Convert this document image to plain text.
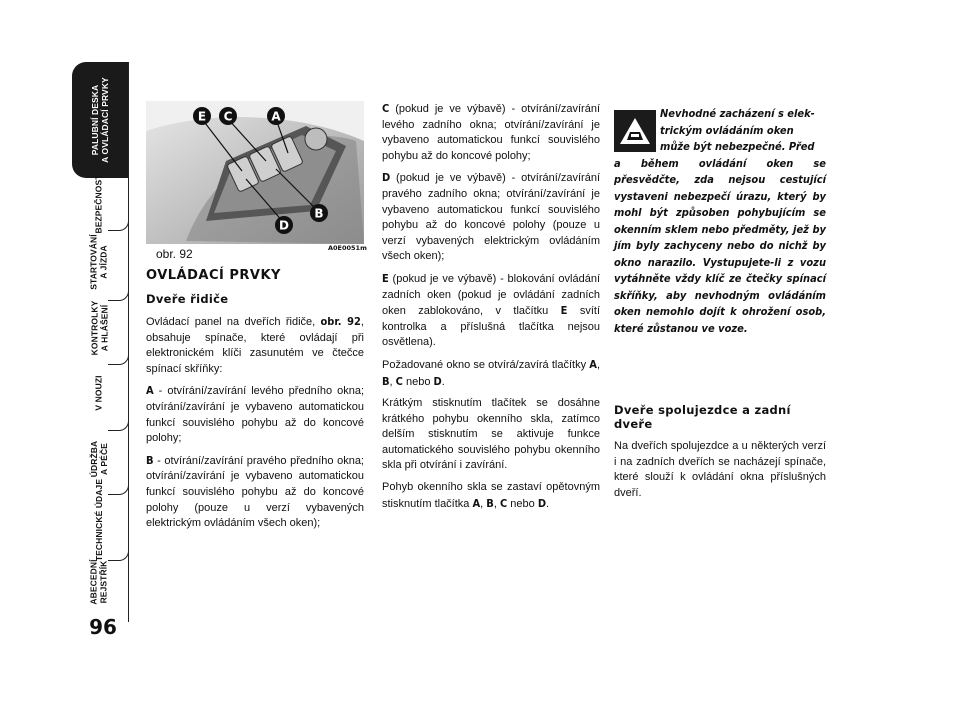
PALUBNÍ DESKA
A OVLÁDACÍ PRVKY
BEZPEČNOST
STARTOVÁNÍ
A JÍZDA
KONTROLKY
A HLÁŠENÍ
V NOUZI
ÚDRŽBA
A PÉČE
TECHNICKÉ ÚDAJE
ABECEDNÍ
REJSTŘÍK
96
E C	A
D
B
A0E0051m
obr. 92
OVLÁDACÍ PRVKY
Dveře řidiče

Ovládací panel na dveřích řidiče, obr. 92, obsahuje spínače, které ovládají při elektronickém klíči zasunutém ve čtečce spínací skříňky:

A - otvírání/zavírání levého předního okna; otvírání/zavírání je vybaveno automatickou funkcí souvislého pohybu až do koncové polohy;

B - otvírání/zavírání pravého předního okna; otvírání/zavírání je vybaveno automatickou funkcí souvislého pohybu až do koncové polohy (pouze u verzí vybavených elektrickým ovládáním všech oken);

C (pokud je ve výbavě) - otvírání/zavírání levého zadního okna; otvírání/zavírání je vybaveno automatickou funkcí souvislého pohybu až do koncové polohy;

D (pokud je ve výbavě) - otvírání/zavírání pravého zadního okna; otvírání/zavírání je vybaveno automatickou funkcí souvislého pohybu až do koncové polohy (pouze u verzí vybavených elektrickým ovládáním všech oken);

E (pokud je ve výbavě) - blokování ovládání zadních oken (pokud je ovládání zadních oken zablokováno, v tlačítku E svítí kontrolka a příslušná tlačítka nejsou osvětlena).

Požadované okno se otvírá/zavírá tlačítky A, B, C nebo D.

Krátkým stisknutím tlačítek se dosáhne krátkého pohybu okenního skla, zatímco delším stisknutím se aktivuje funkce automatického souvislého pohybu okenního skla při otvírání i zavírání.

Pohyb okenního skla se zastaví opětovným stisknutím tlačítka A, B, C nebo D.

Nevhodné zacházení s elek-

trickým ovládáním oken

může být nebezpečné. Před

a během ovládání oken se přesvědčte, zda nejsou cestující vystaveni nebezpečí úrazu, který by mohl být způsoben pohybujícím se okenním sklem nebo předměty, jež by jím byly zachyceny nebo do nichž by okno narazilo. Vystupujete-li z vozu vytáhněte vždy klíč ze čtečky spínací skříňky, aby nevhodným ovládáním oken nemohlo dojít k ohrožení osob, které zůstanou ve voze.

Dveře spolujezdce a zadní dveře

Na dveřích spolujezdce a u některých verzí i na zadních dveřích se nacházejí spínače, které slouží k ovládání okna příslušných dveří.
